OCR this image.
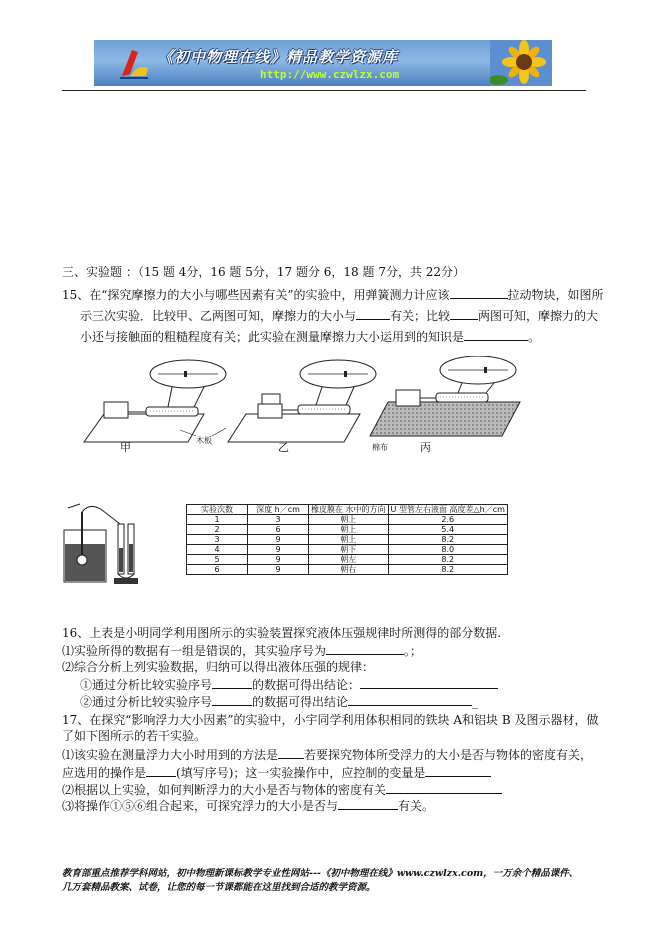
《初中物理在线》精品教学资源库
http://www.czwlzx.com
三、实验题 ：（15 题 4分，16 题 5分，17 题分 6，18 题 7分，共 22分）
15、在“探究摩擦力的大小与哪些因素有关”的实验中，用弹簧测力计应该	拉动物块，如图所
示三次实验．比较甲、乙两图可知，摩擦力的大小与	有关；比较 两图可知，摩擦力的大
小还与接触面的粗糙程度有关；此实验在测量摩擦力大小运用到的知识是	。
甲
木板
乙	棉布	丙
实验次数	深度 h／cm	橡皮膜在 水中的方向	U 型管左右液面 高度差△h／cm
1	3	朝上	2.6
2	6	朝上	5.4
3	9	朝上	8.2
4	9	朝下	8.0
5	9	朝左	8.2
6	9	朝右	8.2
16、上表是小明同学利用图所示的实验装置探究液体压强规律时所测得的部分数据.
⑴实验所得的数据有一组是错误的，其实验序号为	。；
⑵综合分析上列实验数据，归纳可以得出液体压强的规律：
①通过分析比较实验序号	的数据可得出结论：
②通过分析比较实验序号	的数据可得出结论	_
17、在探究“影响浮力大小因素”的实验中，小宇同学利用体积相同的铁块 A和铝块 B 及图示器材，做
了如下图所示的若干实验。
⑴该实验在测量浮力大小时用到的方法是 若要探究物体所受浮力的大小是否与物体的密度有关，
应选用的操作是	(填写序号)；这一实验操作中，应控制的变量是
⑵根据以上实验，如何判断浮力的大小是否与物体的密度有关
⑶将操作①⑤⑥组合起来，可探究浮力的大小是否与	有关。
教育部重点推荐学科网站，初中物理新课标教学专业性网站---《初中物理在线》www.czwlzx.com，一万余个精品课件、
几万套精品教案、试卷，让您的每一节课都能在这里找到合适的教学资源。
